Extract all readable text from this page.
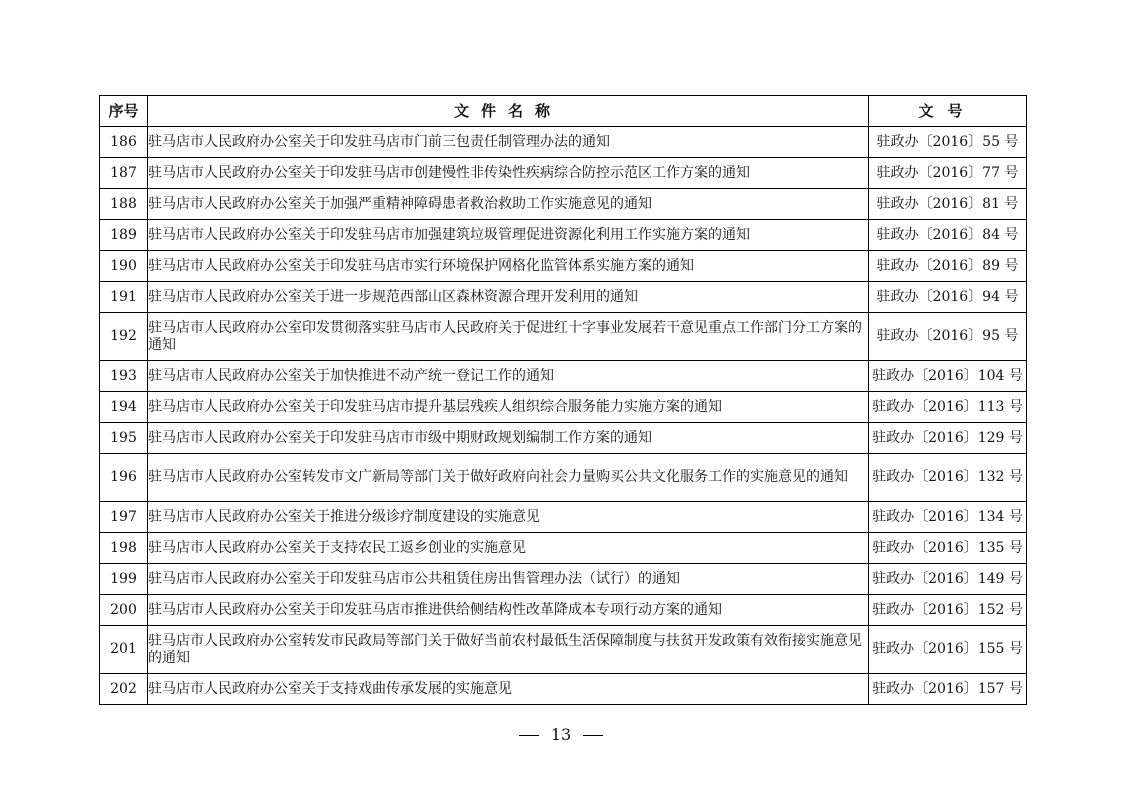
序号	文件名称	文号
186	驻马店市人民政府办公室关于印发驻马店市门前三包责任制管理办法的通知	驻政办〔2016〕55 号
187	驻马店市人民政府办公室关于印发驻马店市创建慢性非传染性疾病综合防控示范区工作方案的通知	驻政办〔2016〕77 号
188	驻马店市人民政府办公室关于加强严重精神障碍患者救治救助工作实施意见的通知	驻政办〔2016〕81 号
189	驻马店市人民政府办公室关于印发驻马店市加强建筑垃圾管理促进资源化利用工作实施方案的通知	驻政办〔2016〕84 号
190	驻马店市人民政府办公室关于印发驻马店市实行环境保护网格化监管体系实施方案的通知	驻政办〔2016〕89 号
191	驻马店市人民政府办公室关于进一步规范西部山区森林资源合理开发利用的通知	驻政办〔2016〕94 号
192	驻马店市人民政府办公室印发贯彻落实驻马店市人民政府关于促进红十字事业发展若干意见重点工作部门分工方案的通知	驻政办〔2016〕95 号
193	驻马店市人民政府办公室关于加快推进不动产统一登记工作的通知	驻政办〔2016〕104 号
194	驻马店市人民政府办公室关于印发驻马店市提升基层残疾人组织综合服务能力实施方案的通知	驻政办〔2016〕113 号
195	驻马店市人民政府办公室关于印发驻马店市市级中期财政规划编制工作方案的通知	驻政办〔2016〕129 号
196	驻马店市人民政府办公室转发市文广新局等部门关于做好政府向社会力量购买公共文化服务工作的实施意见的通知	驻政办〔2016〕132 号
197	驻马店市人民政府办公室关于推进分级诊疗制度建设的实施意见	驻政办〔2016〕134 号
198	驻马店市人民政府办公室关于支持农民工返乡创业的实施意见	驻政办〔2016〕135 号
199	驻马店市人民政府办公室关于印发驻马店市公共租赁住房出售管理办法（试行）的通知	驻政办〔2016〕149 号
200	驻马店市人民政府办公室关于印发驻马店市推进供给侧结构性改革降成本专项行动方案的通知	驻政办〔2016〕152 号
201	驻马店市人民政府办公室转发市民政局等部门关于做好当前农村最低生活保障制度与扶贫开发政策有效衔接实施意见的通知	驻政办〔2016〕155 号
202	驻马店市人民政府办公室关于支持戏曲传承发展的实施意见	驻政办〔2016〕157 号
13
